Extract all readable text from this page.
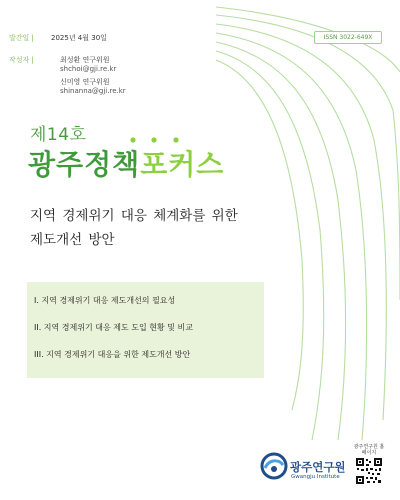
발간일 |	2025년 4월 30일
작성자 |	최성환 연구위원
shchoi@gji.re.kr
신미영 연구위원
shinanna@gji.re.kr
ISSN 3022-649X
제14호
광주정책포커스
지역 경제위기 대응 체계화를 위한
제도개선 방안
I. 지역 경제위기 대응 제도개선의 필요성
II. 지역 경제위기 대응 제도 도입 현황 및 비교
III. 지역 경제위기 대응을 위한 제도개선 방안
광주연구원
Gwangju Institute
광주연구원 홈페이지
